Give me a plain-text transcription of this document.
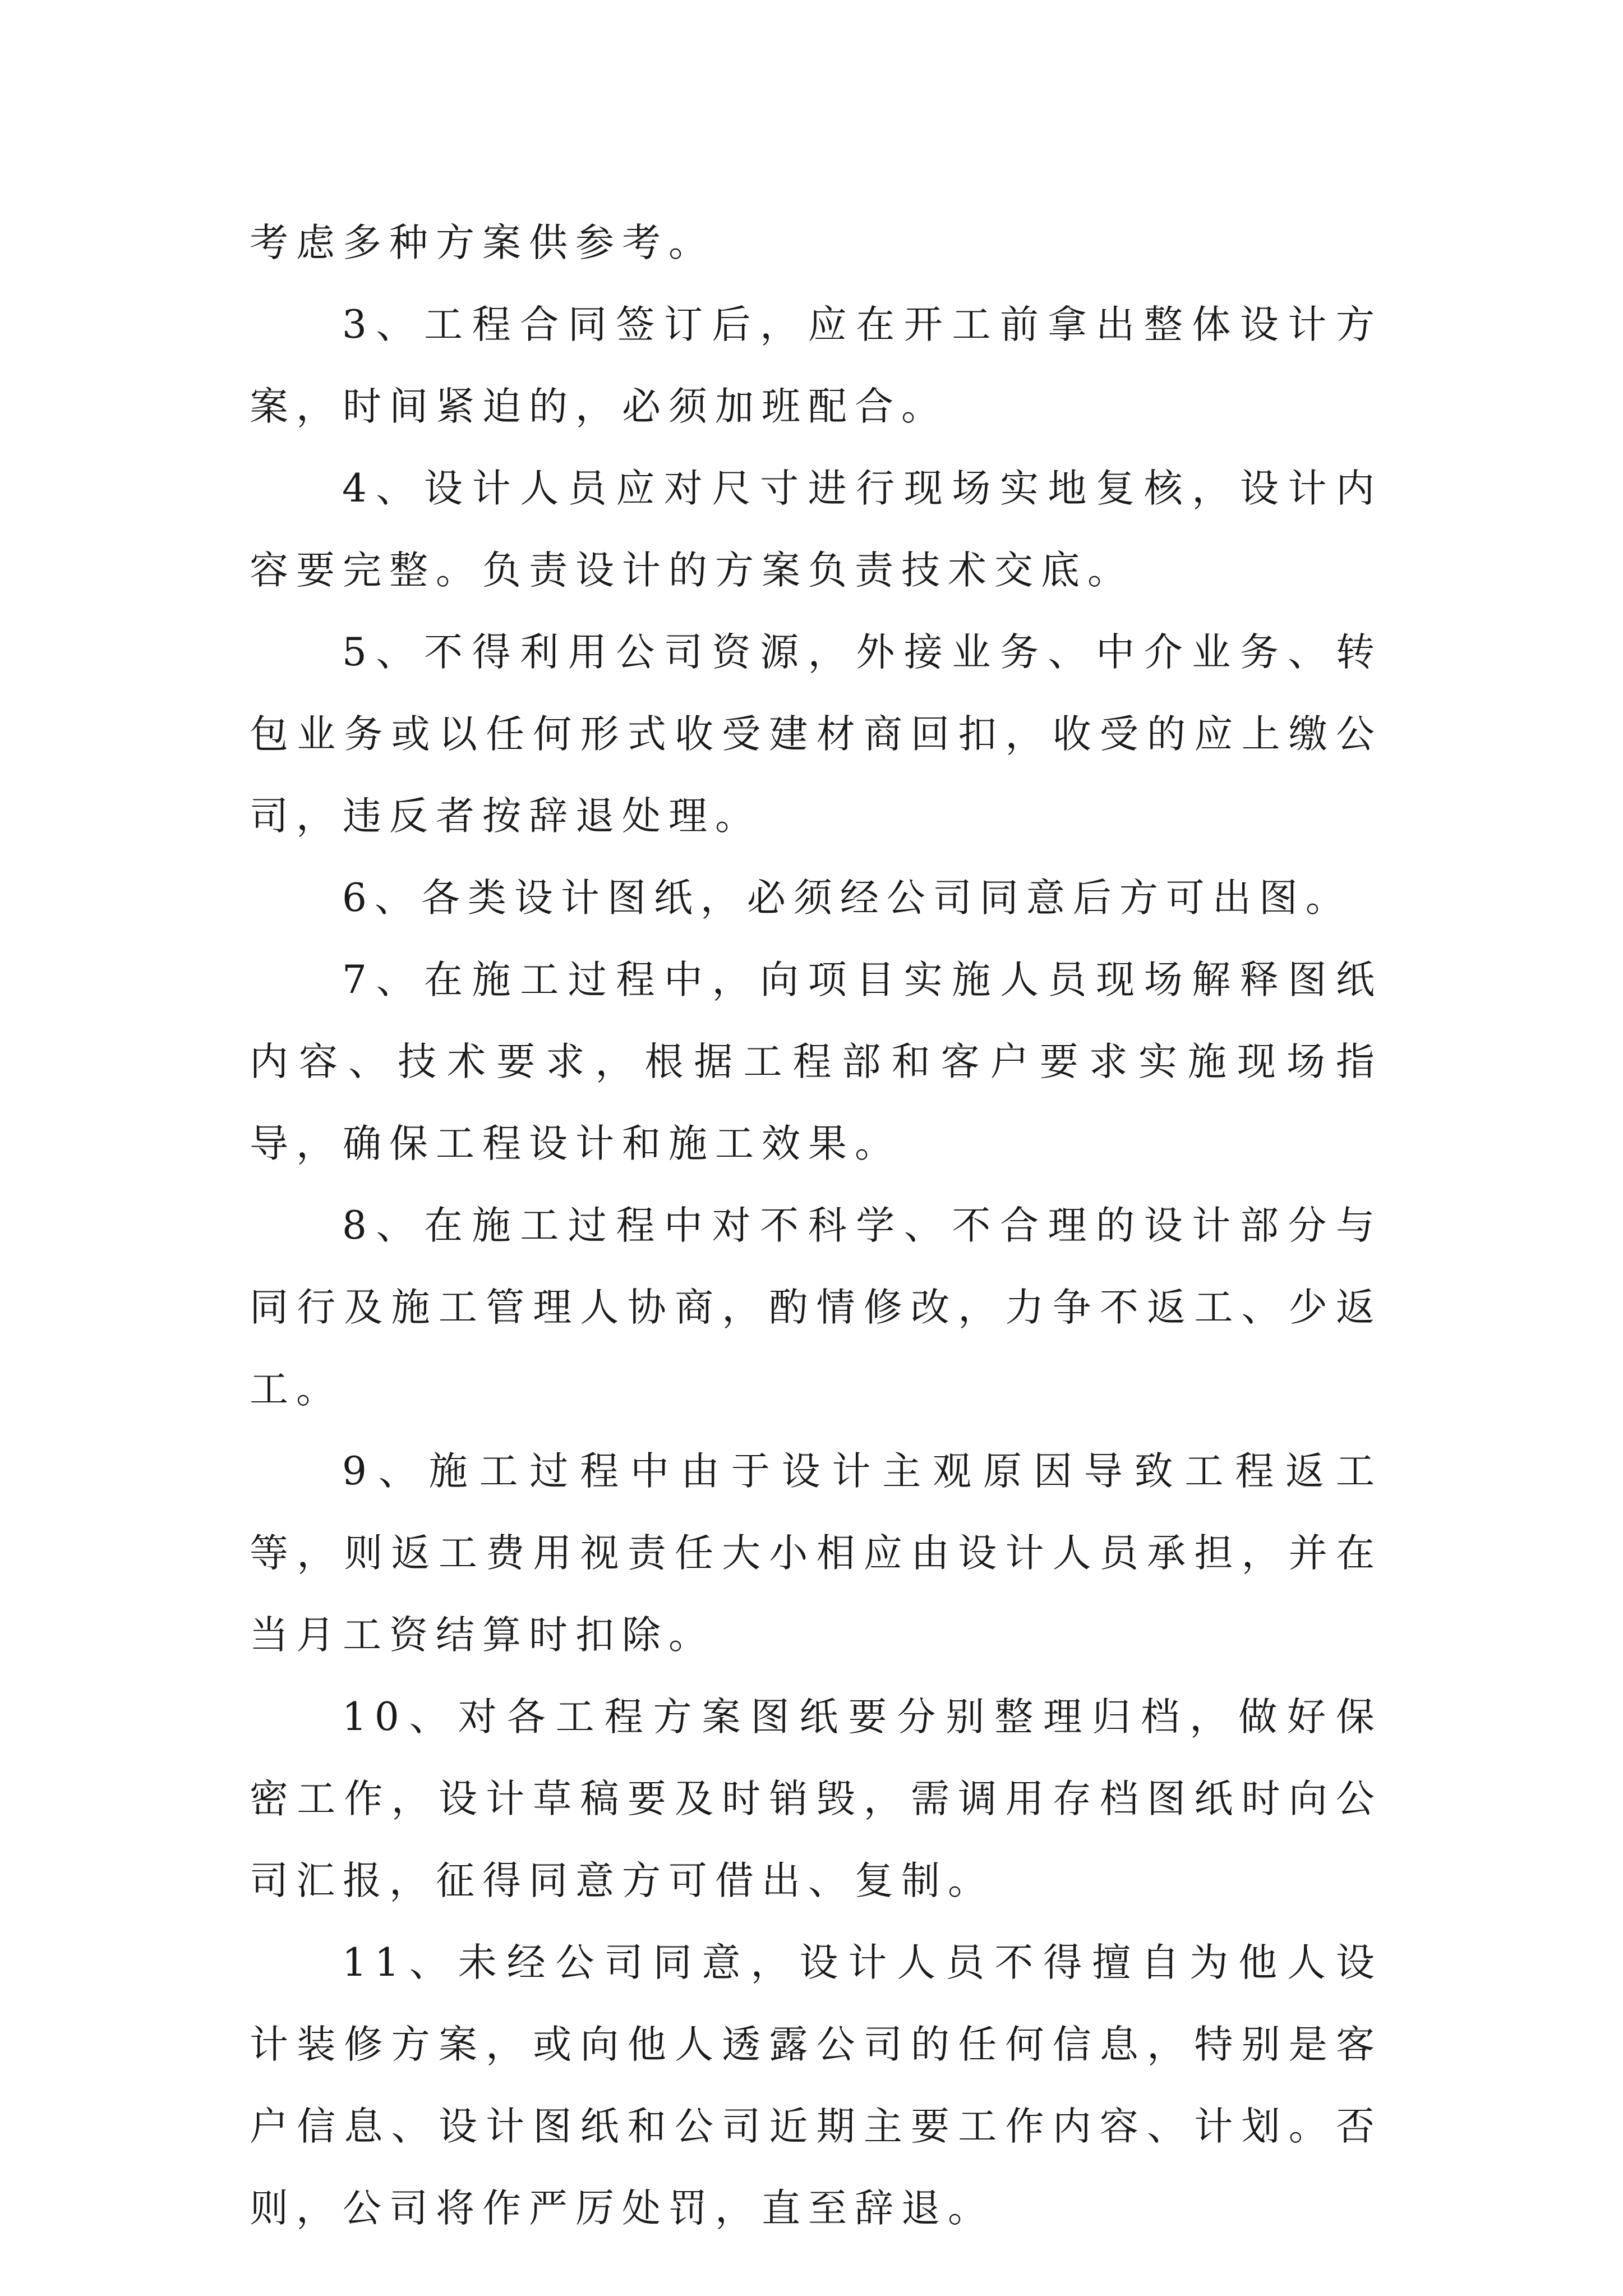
考虑多种方案供参考。

3、工程合同签订后，应在开工前拿出整体设计方案，时间紧迫的，必须加班配合。

4、设计人员应对尺寸进行现场实地复核，设计内容要完整。负责设计的方案负责技术交底。

5、不得利用公司资源，外接业务、中介业务、转包业务或以任何形式收受建材商回扣，收受的应上缴公司，违反者按辞退处理。

6、各类设计图纸，必须经公司同意后方可出图。

7、在施工过程中，向项目实施人员现场解释图纸内容、技术要求，根据工程部和客户要求实施现场指导，确保工程设计和施工效果。

8、在施工过程中对不科学、不合理的设计部分与同行及施工管理人协商，酌情修改，力争不返工、少返工。

9、施工过程中由于设计主观原因导致工程返工等，则返工费用视责任大小相应由设计人员承担，并在当月工资结算时扣除。

10、对各工程方案图纸要分别整理归档，做好保密工作，设计草稿要及时销毁，需调用存档图纸时向公司汇报，征得同意方可借出、复制。

11、未经公司同意，设计人员不得擅自为他人设计装修方案，或向他人透露公司的任何信息，特别是客户信息、设计图纸和公司近期主要工作内容、计划。否则，公司将作严厉处罚，直至辞退。
